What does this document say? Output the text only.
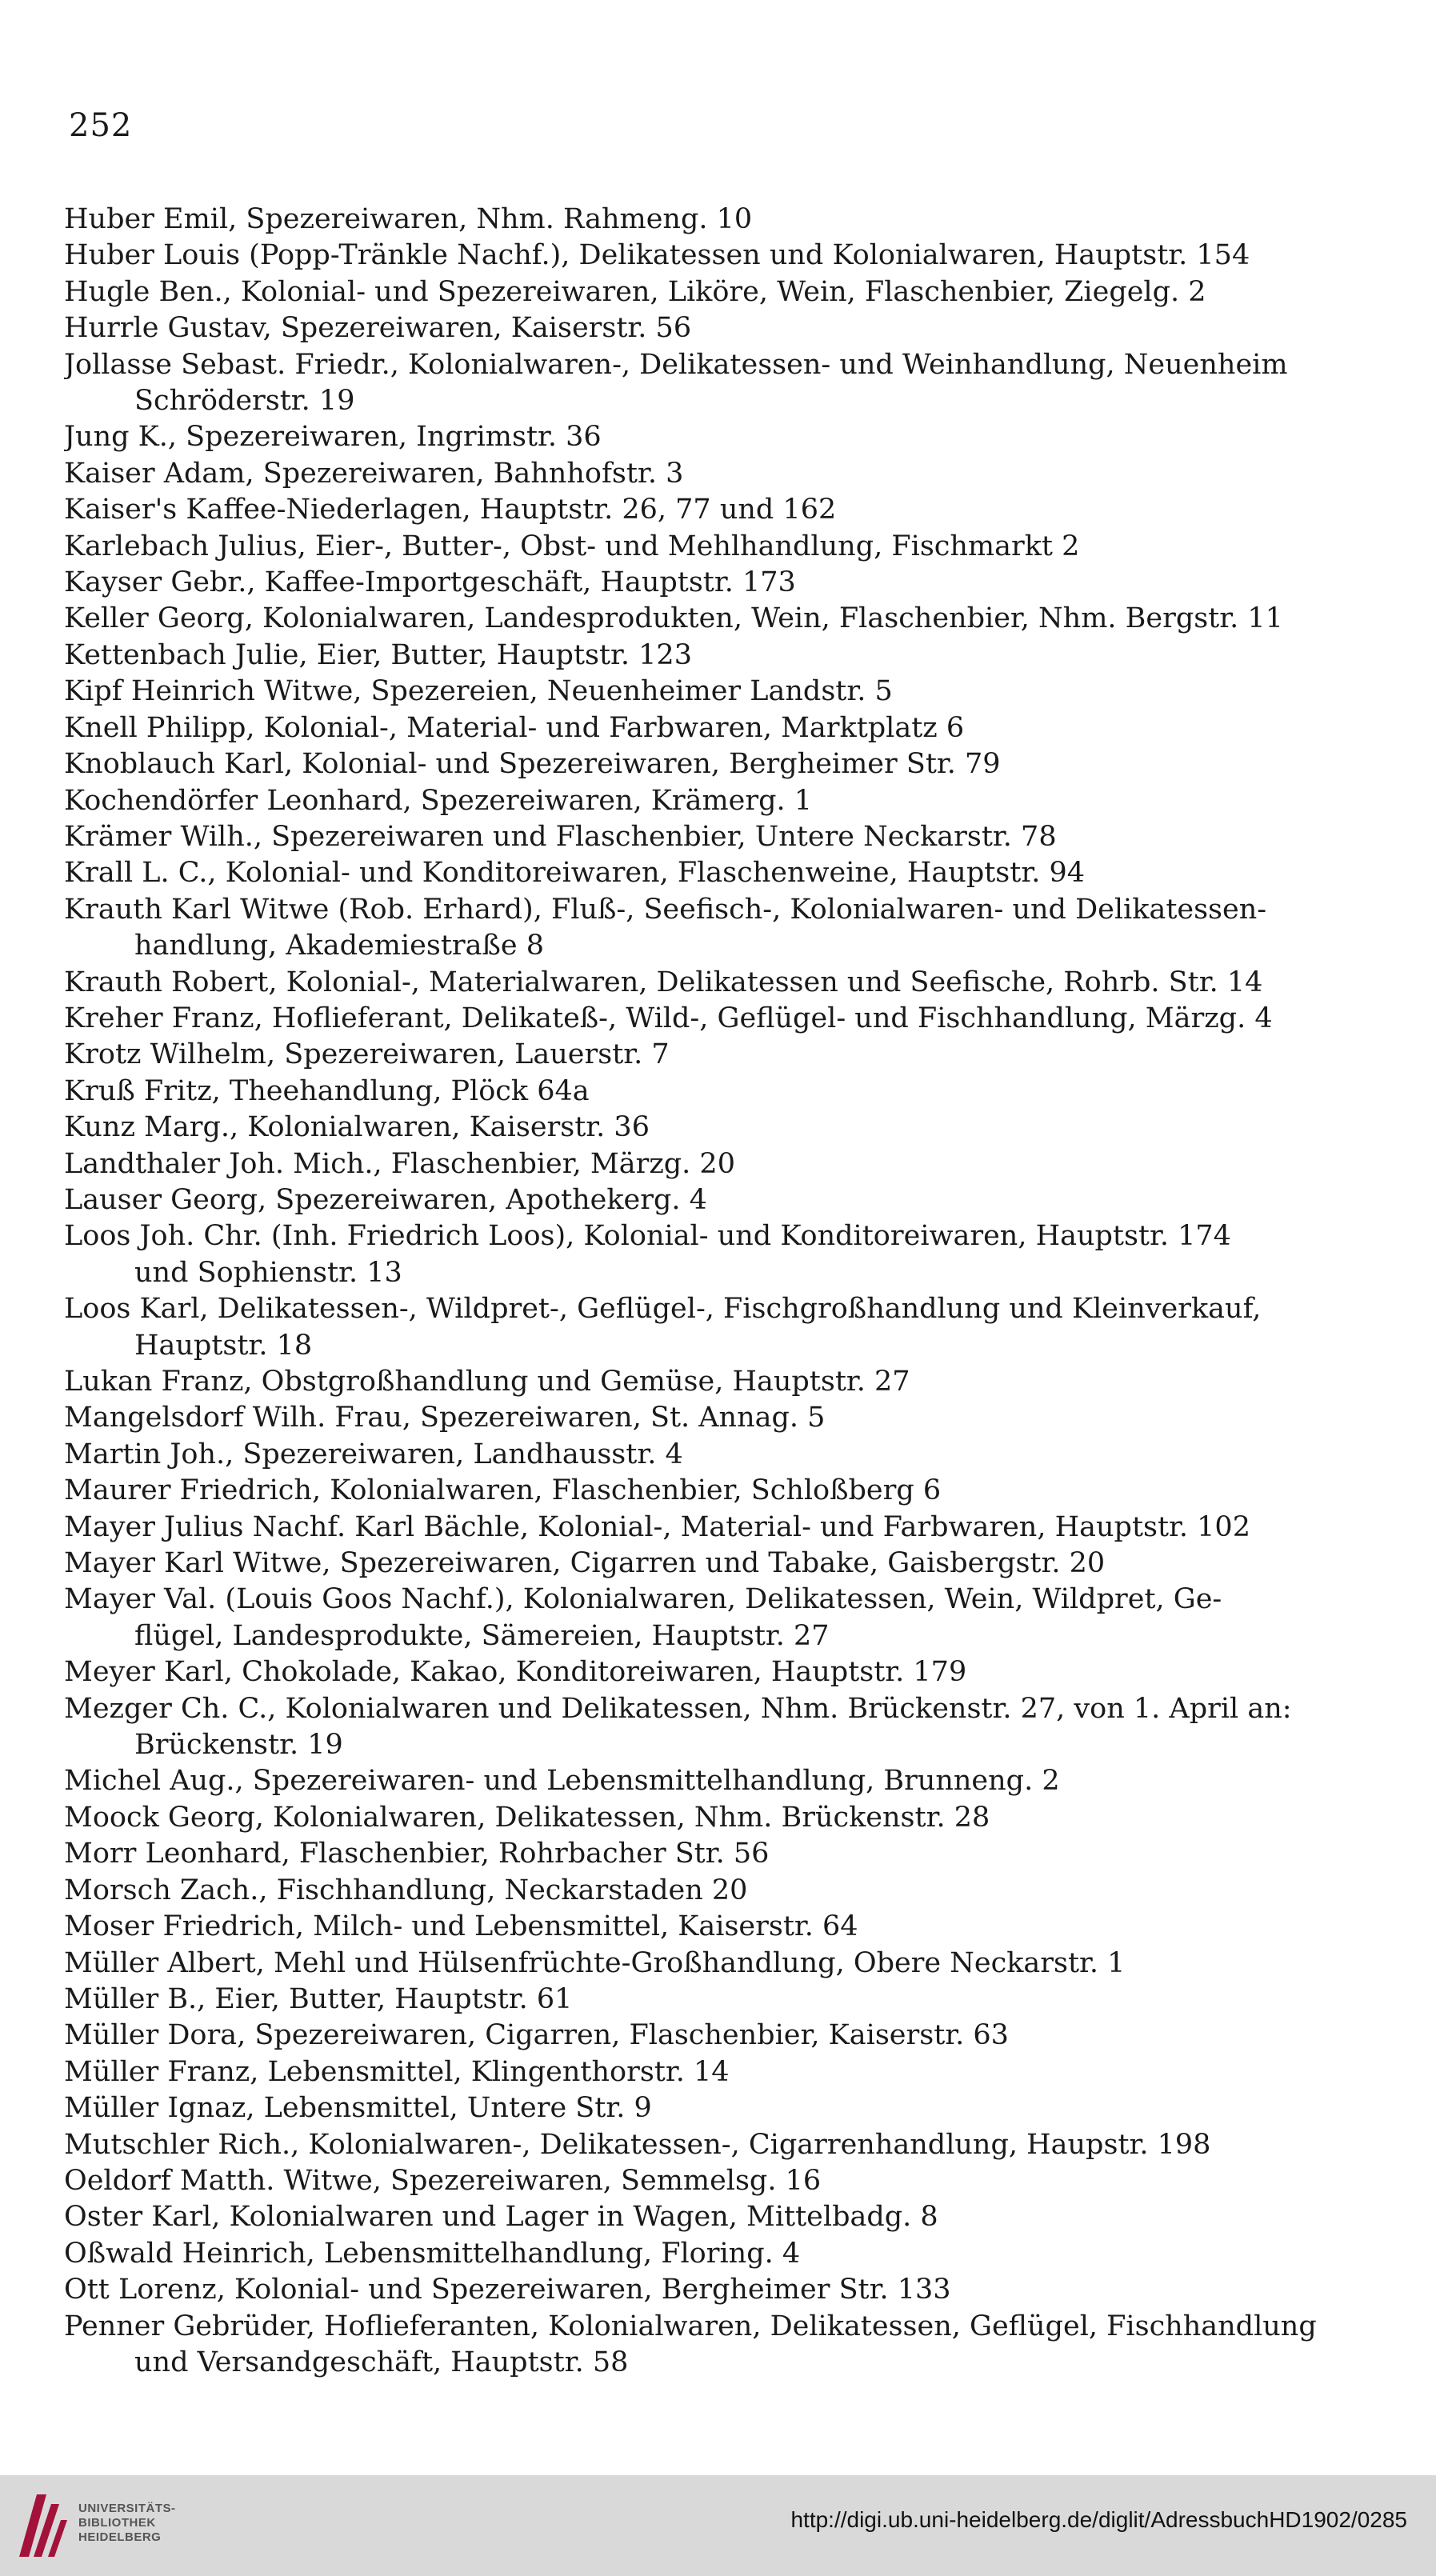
252
Huber Emil, Spezereiwaren, Nhm. Rahmeng. 10
Huber Louis (Popp-Tränkle Nachf.), Delikatessen und Kolonialwaren, Hauptstr. 154
Hugle Ben., Kolonial- und Spezereiwaren, Liköre, Wein, Flaschenbier, Ziegelg. 2
Hurrle Gustav, Spezereiwaren, Kaiserstr. 56
Jollasse Sebast. Friedr., Kolonialwaren-, Delikatessen- und Weinhandlung, Neuenheim
Schröderstr. 19
Jung K., Spezereiwaren, Ingrimstr. 36
Kaiser Adam, Spezereiwaren, Bahnhofstr. 3
Kaiser's Kaffee-Niederlagen, Hauptstr. 26, 77 und 162
Karlebach Julius, Eier-, Butter-, Obst- und Mehlhandlung, Fischmarkt 2
Kayser Gebr., Kaffee-Importgeschäft, Hauptstr. 173
Keller Georg, Kolonialwaren, Landesprodukten, Wein, Flaschenbier, Nhm. Bergstr. 11
Kettenbach Julie, Eier, Butter, Hauptstr. 123
Kipf Heinrich Witwe, Spezereien, Neuenheimer Landstr. 5
Knell Philipp, Kolonial-, Material- und Farbwaren, Marktplatz 6
Knoblauch Karl, Kolonial- und Spezereiwaren, Bergheimer Str. 79
Kochendörfer Leonhard, Spezereiwaren, Krämerg. 1
Krämer Wilh., Spezereiwaren und Flaschenbier, Untere Neckarstr. 78
Krall L. C., Kolonial- und Konditoreiwaren, Flaschenweine, Hauptstr. 94
Krauth Karl Witwe (Rob. Erhard), Fluß-, Seefisch-, Kolonialwaren- und Delikatessen-
handlung, Akademiestraße 8
Krauth Robert, Kolonial-, Materialwaren, Delikatessen und Seefische, Rohrb. Str. 14
Kreher Franz, Hoflieferant, Delikateß-, Wild-, Geflügel- und Fischhandlung, Märzg. 4
Krotz Wilhelm, Spezereiwaren, Lauerstr. 7
Kruß Fritz, Theehandlung, Plöck 64a
Kunz Marg., Kolonialwaren, Kaiserstr. 36
Landthaler Joh. Mich., Flaschenbier, Märzg. 20
Lauser Georg, Spezereiwaren, Apothekerg. 4
Loos Joh. Chr. (Inh. Friedrich Loos), Kolonial- und Konditoreiwaren, Hauptstr. 174
und Sophienstr. 13
Loos Karl, Delikatessen-, Wildpret-, Geflügel-, Fischgroßhandlung und Kleinverkauf,
Hauptstr. 18
Lukan Franz, Obstgroßhandlung und Gemüse, Hauptstr. 27
Mangelsdorf Wilh. Frau, Spezereiwaren, St. Annag. 5
Martin Joh., Spezereiwaren, Landhausstr. 4
Maurer Friedrich, Kolonialwaren, Flaschenbier, Schloßberg 6
Mayer Julius Nachf. Karl Bächle, Kolonial-, Material- und Farbwaren, Hauptstr. 102
Mayer Karl Witwe, Spezereiwaren, Cigarren und Tabake, Gaisbergstr. 20
Mayer Val. (Louis Goos Nachf.), Kolonialwaren, Delikatessen, Wein, Wildpret, Ge-
flügel, Landesprodukte, Sämereien, Hauptstr. 27
Meyer Karl, Chokolade, Kakao, Konditoreiwaren, Hauptstr. 179
Mezger Ch. C., Kolonialwaren und Delikatessen, Nhm. Brückenstr. 27, von 1. April an:
Brückenstr. 19
Michel Aug., Spezereiwaren- und Lebensmittelhandlung, Brunneng. 2
Moock Georg, Kolonialwaren, Delikatessen, Nhm. Brückenstr. 28
Morr Leonhard, Flaschenbier, Rohrbacher Str. 56
Morsch Zach., Fischhandlung, Neckarstaden 20
Moser Friedrich, Milch- und Lebensmittel, Kaiserstr. 64
Müller Albert, Mehl und Hülsenfrüchte-Großhandlung, Obere Neckarstr. 1
Müller B., Eier, Butter, Hauptstr. 61
Müller Dora, Spezereiwaren, Cigarren, Flaschenbier, Kaiserstr. 63
Müller Franz, Lebensmittel, Klingenthorstr. 14
Müller Ignaz, Lebensmittel, Untere Str. 9
Mutschler Rich., Kolonialwaren-, Delikatessen-, Cigarrenhandlung, Haupstr. 198
Oeldorf Matth. Witwe, Spezereiwaren, Semmelsg. 16
Oster Karl, Kolonialwaren und Lager in Wagen, Mittelbadg. 8
Oßwald Heinrich, Lebensmittelhandlung, Floring. 4
Ott Lorenz, Kolonial- und Spezereiwaren, Bergheimer Str. 133
Penner Gebrüder, Hoflieferanten, Kolonialwaren, Delikatessen, Geflügel, Fischhandlung
und Versandgeschäft, Hauptstr. 58
UNIVERSITÄTS-
BIBLIOTHEK
HEIDELBERG
http://digi.ub.uni-heidelberg.de/diglit/AdressbuchHD1902/0285
